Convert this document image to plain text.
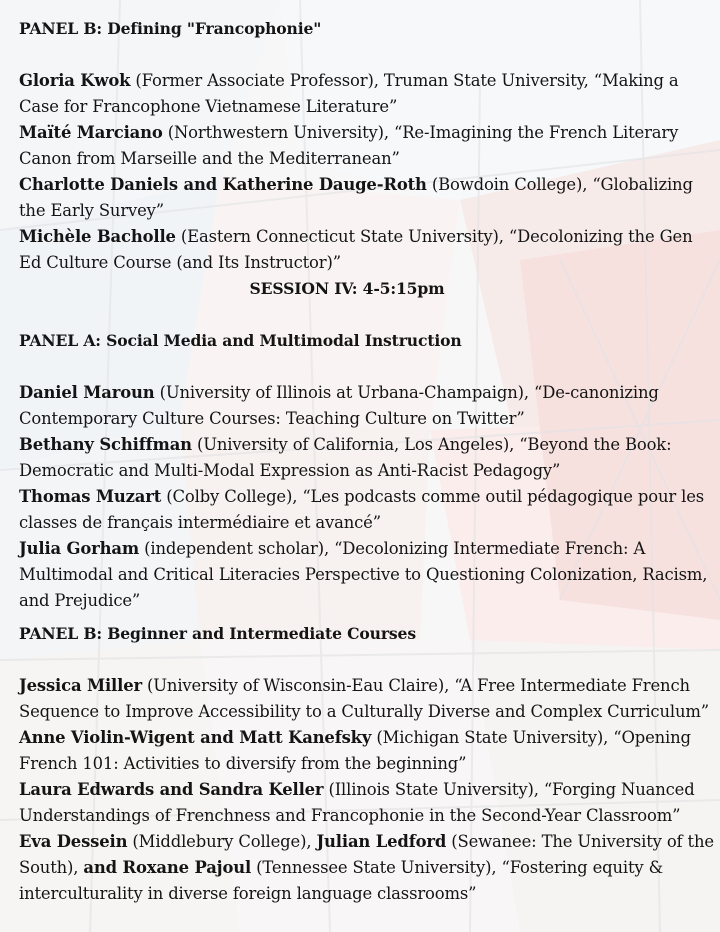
PANEL B: Defining "Francophonie"

Gloria Kwok (Former Associate Professor), Truman State University, “Making a Case for Francophone Vietnamese Literature”

Maïté Marciano (Northwestern University), “Re-Imagining the French Literary Canon from Marseille and the Mediterranean”

Charlotte Daniels and Katherine Dauge-Roth (Bowdoin College), “Globalizing the Early Survey”

Michèle Bacholle (Eastern Connecticut State University), “Decolonizing the Gen Ed Culture Course (and Its Instructor)”

SESSION IV: 4-5:15pm

PANEL A: Social Media and Multimodal Instruction

Daniel Maroun (University of Illinois at Urbana-Champaign), “De-canonizing Contemporary Culture Courses: Teaching Culture on Twitter”

Bethany Schiffman (University of California, Los Angeles), “Beyond the Book: Democratic and Multi-Modal Expression as Anti-Racist Pedagogy”

Thomas Muzart (Colby College), “Les podcasts comme outil pédagogique pour les classes de français intermédiaire et avancé”

Julia Gorham (independent scholar), “Decolonizing Intermediate French: A Multimodal and Critical Literacies Perspective to Questioning Colonization, Racism, and Prejudice”

PANEL B: Beginner and Intermediate Courses

Jessica Miller (University of Wisconsin-Eau Claire), “A Free Intermediate French Sequence to Improve Accessibility to a Culturally Diverse and Complex Curriculum”

Anne Violin-Wigent and Matt Kanefsky (Michigan State University), “Opening French 101: Activities to diversify from the beginning”

Laura Edwards and Sandra Keller (Illinois State University), “Forging Nuanced Understandings of Frenchness and Francophonie in the Second-Year Classroom”

Eva Dessein (Middlebury College), Julian Ledford (Sewanee: The University of the South), and Roxane Pajoul (Tennessee State University), “Fostering equity & interculturality in diverse foreign language classrooms”
